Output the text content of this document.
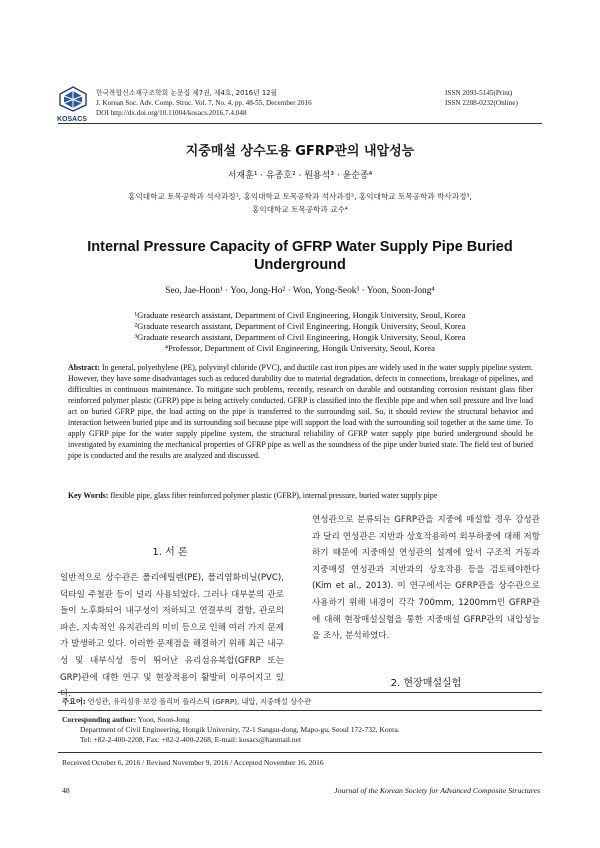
KOSACS
한국복합신소재구조학회 논문집 제7권, 제4호, 2016년 12월
J. Korean Soc. Adv. Comp. Struc. Vol. 7, No. 4, pp. 48-55, December 2016
DOI http://dx.doi.org/10.11004/kosacs.2016.7.4.048
ISSN 2093-5145(Print)
ISSN 2288-0232(Online)
지중매설 상수도용 GFRP관의 내압성능
서재훈¹ · 유종호² · 원용석³ · 윤순종⁴
홍익대학교 토목공학과 석사과정¹, 홍익대학교 토목공학과 석사과정², 홍익대학교 토목공학과 박사과정³,
홍익대학교 토목공학과 교수⁴
Internal Pressure Capacity of GFRP Water Supply Pipe Buried
Underground
Seo, Jae-Hoon¹ · Yoo, Jong-Ho² · Won, Yong-Seok³ · Yoon, Soon-Jong⁴
¹Graduate research assistant, Department of Civil Engineering, Hongik University, Seoul, Korea
²Graduate research assistant, Department of Civil Engineering, Hongik University, Seoul, Korea
³Graduate research assistant, Department of Civil Engineering, Hongik University, Seoul, Korea
⁴Professor, Department of Civil Engineering, Hongik University, Seoul, Korea
Abstract: In general, polyethylene (PE), polyvinyl chloride (PVC), and ductile cast iron pipes are widely used in the water supply pipeline system. However, they have some disadvantages such as reduced durability due to material degradation, defects in connections, breakage of pipelines, and difficulties in continuous maintenance. To mitigate such problems, recently, research on durable and outstanding corrosion resistant glass fiber reinforced polymer plastic (GFRP) pipe is being actively conducted. GFRP is classified into the flexible pipe and when soil pressure and live load act on buried GFRP pipe, the load acting on the pipe is transferred to the surrounding soil. So, it should review the structural behavior and interaction between buried pipe and its surrounding soil because pipe will support the load with the surrounding soil together at the same time. To apply GFRP pipe for the water supply pipeline system, the structural reliability of GFRP water supply pipe buried underground should be investigated by examining the mechanical properties of GFRP pipe as well as the soundness of the pipe under buried state. The field test of buried pipe is conducted and the results are analyzed and discussed.
Key Words: flexible pipe, glass fiber reinforced polymer plastic (GFRP), internal pressure, buried water supply pipe
1. 서 론
일반적으로 상수관은 폴리에틸렌(PE), 폴리염화비닐(PVC), 덕타일 주철관 등이 널리 사용되었다. 그러나 대부분의 관로들이 노후화되어 내구성이 저하되고 연결부의 결함, 관로의 파손, 지속적인 유지관리의 미비 등으로 인해 여러 가지 문제가 발생하고 있다. 이러한 문제점을 해결하기 위해 최근 내구성 및 내부식성 등이 뛰어난 유리섬유복합(GFRP 또는 GRP)관에 대한 연구 및 현장적용이 활발히 이루어지고 있다.
연성관으로 분류되는 GFRP관을 지중에 매설할 경우 강성관과 달리 연성관은 지반과 상호작용하여 외부하중에 대해 저항하기 때문에 지중매설 연성관의 설계에 앞서 구조적 거동과 지중매설 연성관과 지반과의 상호작용 등을 검토해야한다 (Kim et al., 2013). 이 연구에서는 GFRP관을 상수관으로 사용하기 위해 내경이 각각 700mm, 1200mm인 GFRP관에 대해 현장매설실험을 통한 지중매설 GFRP관의 내압성능을 조사, 분석하였다.
2. 현장매설실험
주요어: 연성관, 유리섬유 보강 폴리머 플라스틱 (GFRP), 내압, 지중매설 상수관
Corresponding author: Yoon, Soon-Jong
Department of Civil Engineering, Hongik University, 72-1 Sangsu-dong, Mapo-gu, Seoul 172-732, Korea.
Tel: +82-2-400-2208, Fax: +82-2-400-2268, E-mail: kosacs@hanmail.net
Received October 6, 2016 / Revised November 9, 2016 / Accepted November 16, 2016
48	Journal of the Korean Society for Advanced Composite Structures
